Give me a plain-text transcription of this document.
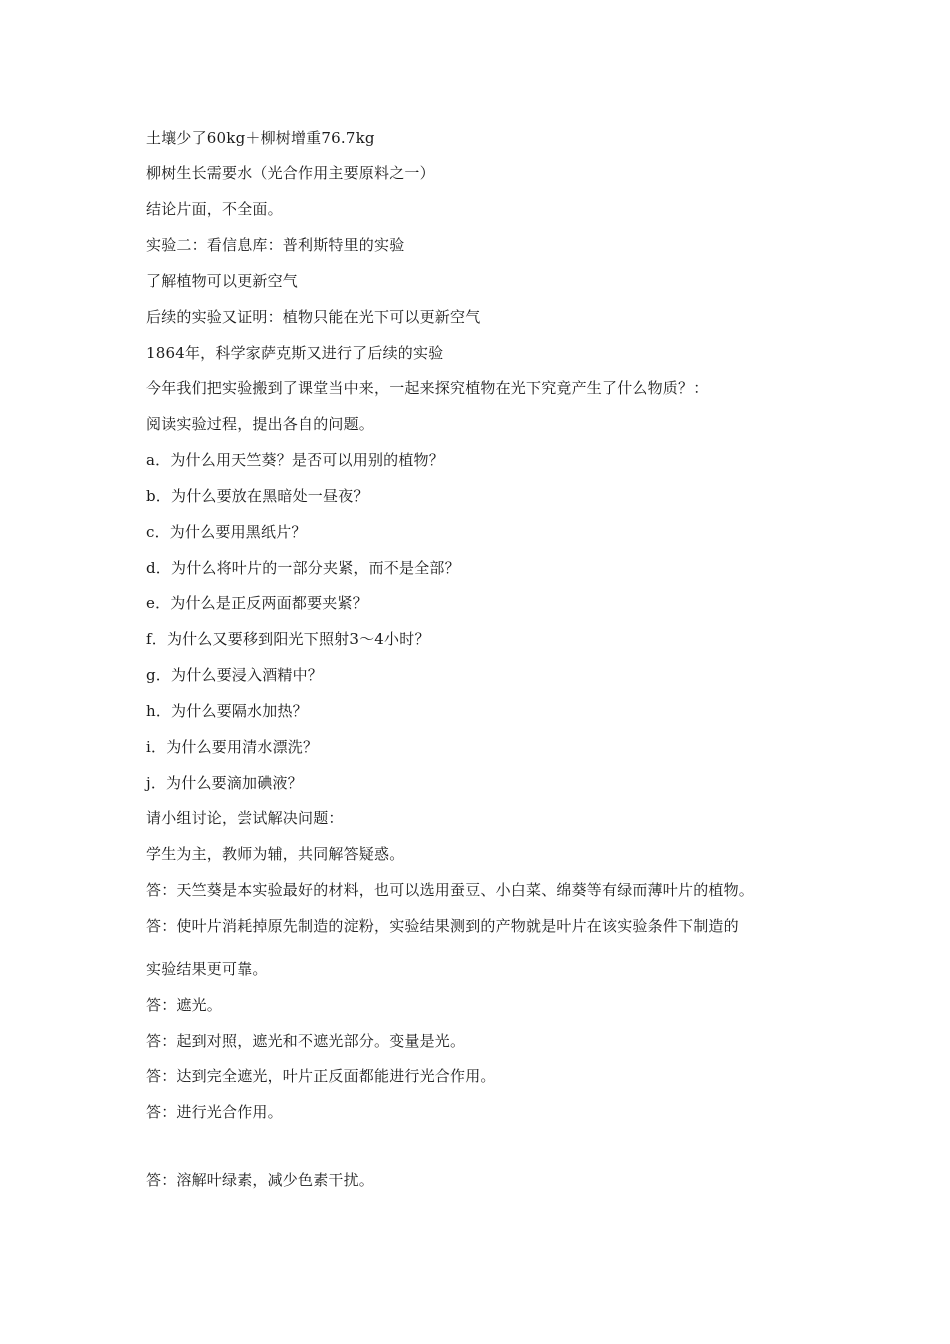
土壤少了60kg＋柳树增重76.7kg
柳树生长需要水（光合作用主要原料之一）
结论片面，不全面。
实验二：看信息库：普利斯特里的实验
了解植物可以更新空气
后续的实验又证明：植物只能在光下可以更新空气
1864年，科学家萨克斯又进行了后续的实验
今年我们把实验搬到了课堂当中来，一起来探究植物在光下究竟产生了什么物质？：
阅读实验过程，提出各自的问题。
a．为什么用天竺葵？是否可以用别的植物？
b．为什么要放在黑暗处一昼夜？
c．为什么要用黑纸片？
d．为什么将叶片的一部分夹紧，而不是全部？
e．为什么是正反两面都要夹紧？
f．为什么又要移到阳光下照射3～4小时？
g．为什么要浸入酒精中？
h．为什么要隔水加热？
i．为什么要用清水漂洗？
j．为什么要滴加碘液？
请小组讨论，尝试解决问题：
学生为主，教师为辅，共同解答疑惑。
答：天竺葵是本实验最好的材料，也可以选用蚕豆、小白菜、绵葵等有绿而薄叶片的植物。
答：使叶片消耗掉原先制造的淀粉，实验结果测到的产物就是叶片在该实验条件下制造的
实验结果更可靠。
答：遮光。
答：起到对照，遮光和不遮光部分。变量是光。
答：达到完全遮光，叶片正反面都能进行光合作用。
答：进行光合作用。
答：溶解叶绿素，减少色素干扰。
